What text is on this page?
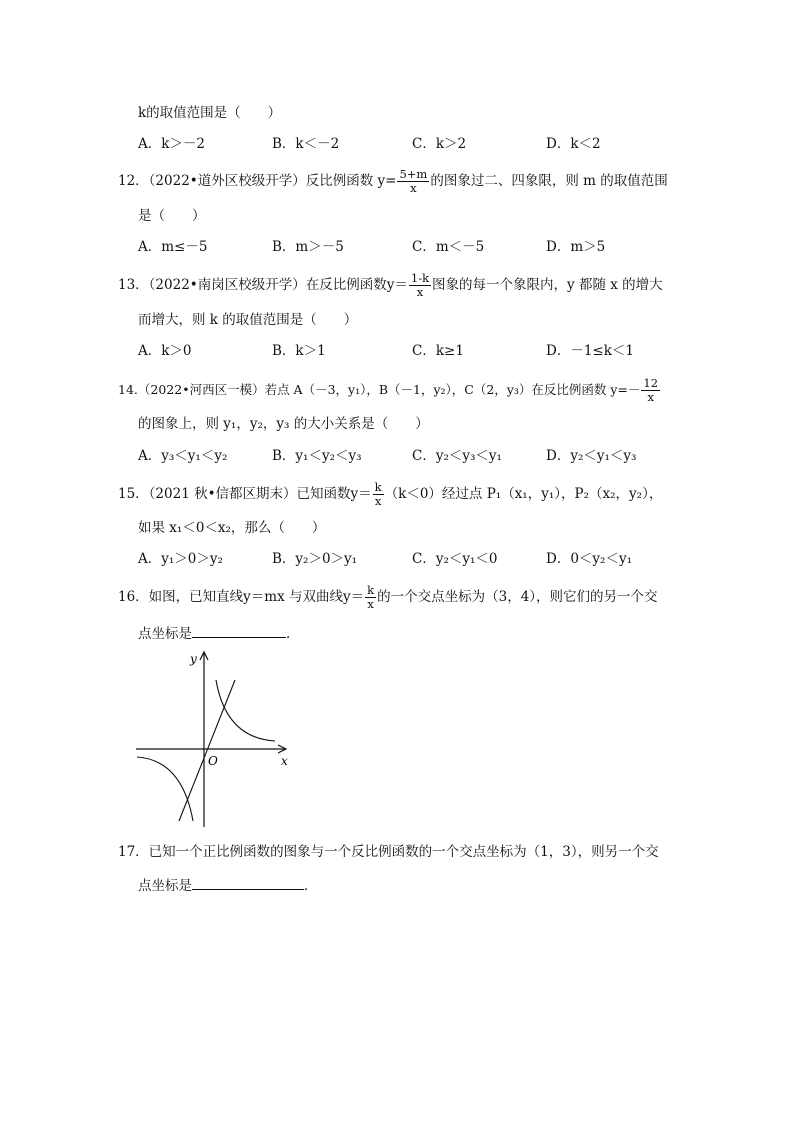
k的取值范围是（　　）
A．k＞－2	B．k＜－2	C．k＞2	D．k＜2
12．（2022•道外区校级开学）反比例函数 $y= \frac{5+m}{x}$ 的图象过二、四象限，则 m 的取值范围
是（　　）
A．m≤－5	B．m＞－5	C．m＜－5	D．m＞5
13．（2022•南岗区校级开学）在反比例函数$y= \frac{1-k}{x}$ 图象的每一个象限内，y 都随 x 的增大
而增大，则 k 的取值范围是（　　）
A．k＞0	B．k＞1	C．k≥1	D．－1≤k＜1
14.（2022•河西区一模）若点 A（－3，y₁），B（－1，y₂），C（2，y₃）在反比例函数 $y=- \frac{12}{x}$
的图象上，则 y₁，y₂，y₃ 的大小关系是（　　）
A．y₃＜y₁＜y₂	B．y₁＜y₂＜y₃	C．y₂＜y₃＜y₁	D．y₂＜y₁＜y₃
15．（2021 秋•信都区期末）已知函数$y= \frac{k}{x} (k<0)$经过点 P₁（x₁，y₁），P₂（x₂，y₂），
如果 x₁＜0＜x₂，那么（　　）
A．y₁＞0＞y₂	B．y₂＞0＞y₁	C．y₂＜y₁＜0	D．0＜y₂＜y₁
16．如图，已知直线y＝mx 与双曲线$y= \frac{k}{x}$ 的一个交点坐标为（3，4），则它们的另一个交
点坐标是	．
y
x
O
17．已知一个正比例函数的图象与一个反比例函数的一个交点坐标为（1，3），则另一个交
点坐标是	．
